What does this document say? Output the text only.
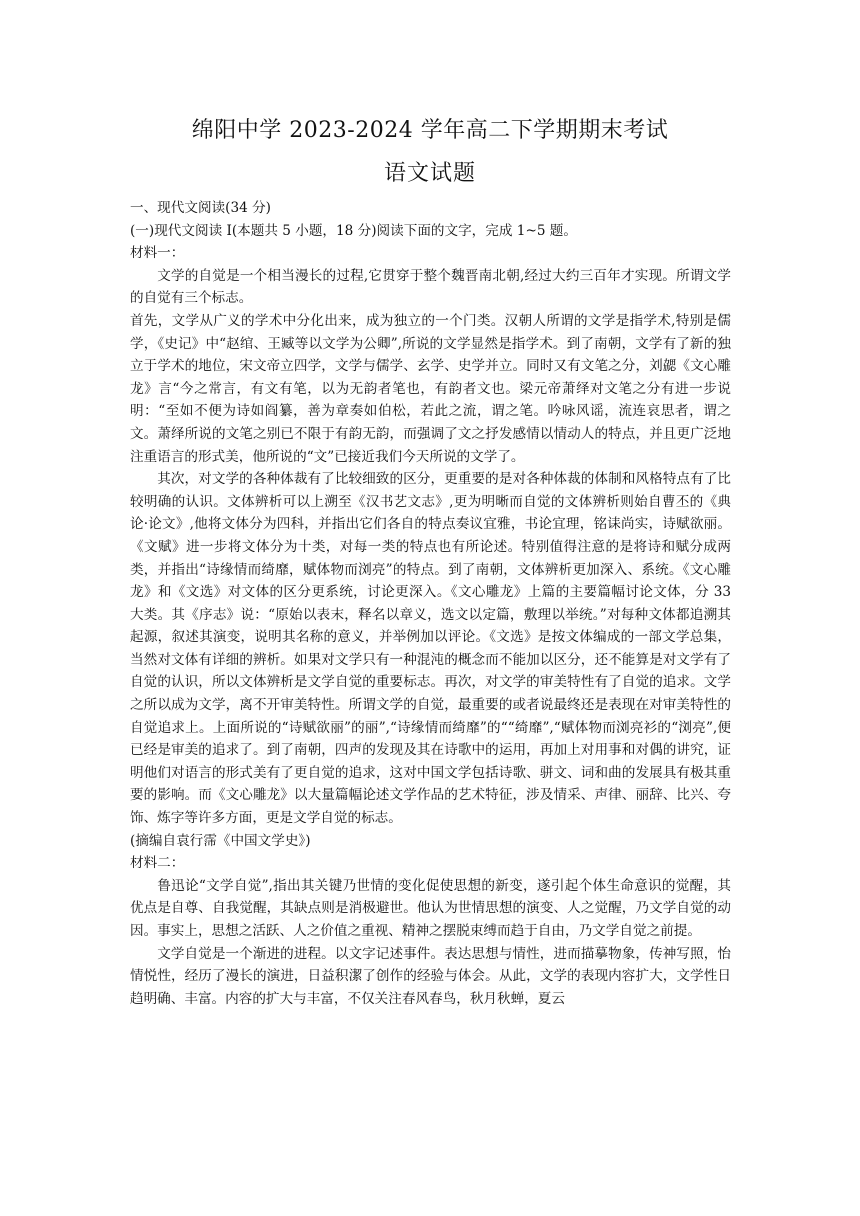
绵阳中学 2023-2024 学年高二下学期期末考试
语文试题

一、现代文阅读(34 分)

(一)现代文阅读 I(本题共 5 小题，18 分)阅读下面的文字，完成 1~5 题。

材料一：

文学的自觉是一个相当漫长的过程,它贯穿于整个魏晋南北朝,经过大约三百年才实现。所谓文学的自觉有三个标志。

首先，文学从广义的学术中分化出来，成为独立的一个门类。汉朝人所谓的文学是指学术,特别是儒学，《史记》中“赵绾、王臧等以文学为公卿”,所说的文学显然是指学术。到了南朝，文学有了新的独立于学术的地位，宋文帝立四学，文学与儒学、玄学、史学并立。同时又有文笔之分，刘勰《文心雕龙》言“今之常言，有文有笔，以为无韵者笔也，有韵者文也。梁元帝萧绎对文笔之分有进一步说明：“至如不便为诗如阎纂，善为章奏如伯松，若此之流，谓之笔。吟咏风谣，流连哀思者，谓之文。萧绎所说的文笔之别已不限于有韵无韵，而强调了文之抒发感情以情动人的特点，并且更广泛地注重语言的形式美，他所说的“文”已接近我们今天所说的文学了。

其次，对文学的各种体裁有了比较细致的区分，更重要的是对各种体裁的体制和风格特点有了比较明确的认识。文体辨析可以上溯至《汉书艺文志》,更为明晰而自觉的文体辨析则始自曹丕的《典论·论文》,他将文体分为四科，并指出它们各自的特点奏议宜雅，书论宜理，铭诔尚实，诗赋欲丽。《文赋》进一步将文体分为十类，对每一类的特点也有所论述。特别值得注意的是将诗和赋分成两类，并指出“诗缘情而绮靡，赋体物而浏亮”的特点。到了南朝，文体辨析更加深入、系统。《文心雕龙》和《文选》对文体的区分更系统，讨论更深入。《文心雕龙》上篇的主要篇幅讨论文体，分 33 大类。其《序志》说：“原始以表末，释名以章义，选文以定篇，敷理以举统。”对每种文体都追溯其起源，叙述其演变，说明其名称的意义，并举例加以评论。《文选》是按文体编成的一部文学总集，当然对文体有详细的辨析。如果对文学只有一种混沌的概念而不能加以区分，还不能算是对文学有了自觉的认识，所以文体辨析是文学自觉的重要标志。再次，对文学的审美特性有了自觉的追求。文学之所以成为文学，离不开审美特性。所谓文学的自觉，最重要的或者说最终还是表现在对审美特性的自觉追求上。上面所说的“诗赋欲丽”的丽”,“诗缘情而绮靡”的““绮靡”,“赋体物而浏亮衫的“浏亮”,便已经是审美的追求了。到了南朝，四声的发现及其在诗歌中的运用，再加上对用事和对偶的讲究，证明他们对语言的形式美有了更自觉的追求，这对中国文学包括诗歌、骈文、词和曲的发展具有极其重要的影响。而《文心雕龙》以大量篇幅论述文学作品的艺术特征，涉及情采、声律、丽辞、比兴、夸饰、炼字等许多方面，更是文学自觉的标志。

(摘编自袁行霈《中国文学史》)

材料二：

鲁迅论“文学自觉”,指出其关键乃世情的变化促使思想的新变，遂引起个体生命意识的觉醒，其优点是自尊、自我觉醒，其缺点则是消极避世。他认为世情思想的演变、人之觉醒，乃文学自觉的动因。事实上，思想之活跃、人之价值之重视、精神之摆脱束缚而趋于自由，乃文学自觉之前提。

文学自觉是一个渐进的进程。以文字记述事件。表达思想与情性，进而描摹物象，传神写照，怡情悦性，经历了漫长的演进，日益积潔了创作的经验与体会。从此，文学的表现内容扩大，文学性日趋明确、丰富。内容的扩大与丰富，不仅关注春风春鸟，秋月秋蝉，夏云
